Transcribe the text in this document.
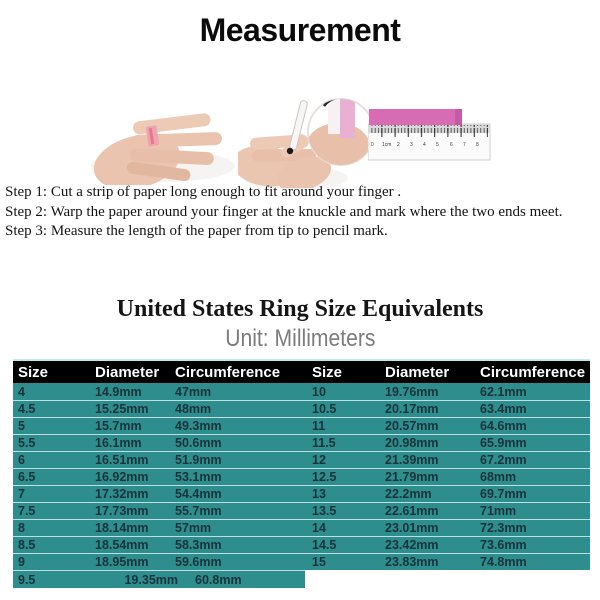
Measurement
0 1cm 2 3 4 5 6 7 8
Step 1: Cut a strip of paper long enough to fit around your finger .
Step 2: Warp the paper around your finger at the knuckle and mark where the two ends meet.
Step 3: Measure the length of the paper from tip to pencil mark.
United States Ring Size Equivalents
Unit: Millimeters
Size	Diameter	Circumference	Size	Diameter	Circumference
4	14.9mm	47mm	10	19.76mm	62.1mm
4.5	15.25mm	48mm	10.5	20.17mm	63.4mm
5	15.7mm	49.3mm	11	20.57mm	64.6mm
5.5	16.1mm	50.6mm	11.5	20.98mm	65.9mm
6	16.51mm	51.9mm	12	21.39mm	67.2mm
6.5	16.92mm	53.1mm	12.5	21.79mm	68mm
7	17.32mm	54.4mm	13	22.2mm	69.7mm
7.5	17.73mm	55.7mm	13.5	22.61mm	71mm
8	18.14mm	57mm	14	23.01mm	72.3mm
8.5	18.54mm	58.3mm	14.5	23.42mm	73.6mm
9	18.95mm	59.6mm	15	23.83mm	74.8mm
9.5	19.35mm 60.8mm
